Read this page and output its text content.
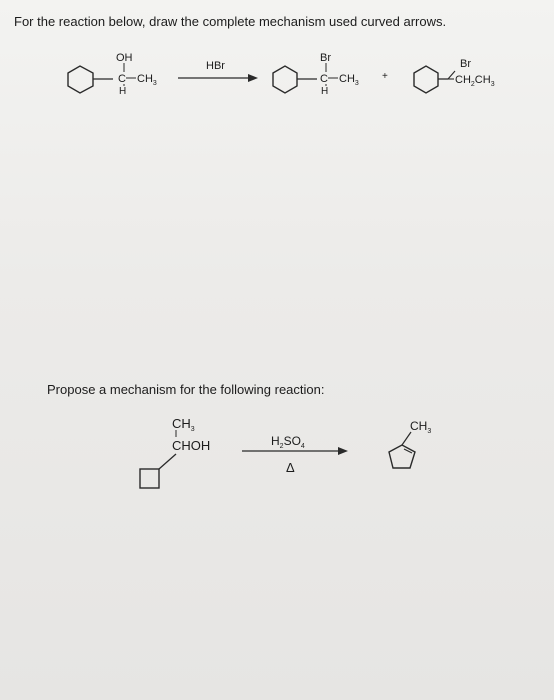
For the reaction below, draw the complete mechanism used curved arrows.
OH
C $CH_3$
H
HBr
Br
C $CH_3$
H
+
Br
$CH_2CH_3$
Propose a mechanism for the following reaction:
$CH_3$
CHOH	$H_2SO_4$
Δ
$CH_3$
